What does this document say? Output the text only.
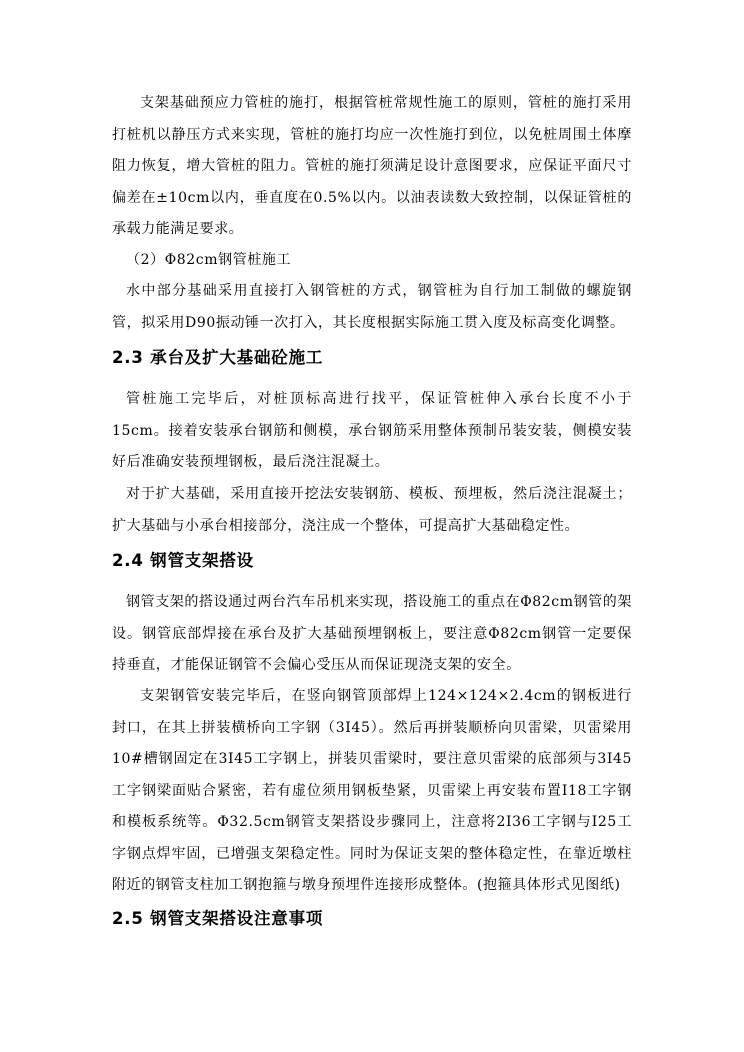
支架基础预应力管桩的施打，根据管桩常规性施工的原则，管桩的施打采用打桩机以静压方式来实现，管桩的施打均应一次性施打到位，以免桩周围土体摩阻力恢复，增大管桩的阻力。管桩的施打须满足设计意图要求，应保证平面尺寸偏差在±10cm以内，垂直度在0.5%以内。以油表读数大致控制，以保证管桩的承载力能满足要求。

（2）Φ82cm钢管桩施工

水中部分基础采用直接打入钢管桩的方式，钢管桩为自行加工制做的螺旋钢管，拟采用D90振动锤一次打入，其长度根据实际施工贯入度及标高变化调整。

2.3 承台及扩大基础砼施工

管桩施工完毕后，对桩顶标高进行找平，保证管桩伸入承台长度不小于15cm。接着安装承台钢筋和侧模，承台钢筋采用整体预制吊装安装，侧模安装好后准确安装预埋钢板，最后浇注混凝土。

对于扩大基础，采用直接开挖法安装钢筋、模板、预埋板，然后浇注混凝土；扩大基础与小承台相接部分，浇注成一个整体，可提高扩大基础稳定性。

2.4 钢管支架搭设

钢管支架的搭设通过两台汽车吊机来实现，搭设施工的重点在Φ82cm钢管的架设。钢管底部焊接在承台及扩大基础预埋钢板上，要注意Φ82cm钢管一定要保持垂直，才能保证钢管不会偏心受压从而保证现浇支架的安全。

支架钢管安装完毕后，在竖向钢管顶部焊上124×124×2.4cm的钢板进行封口，在其上拼装横桥向工字钢（3I45）。然后再拼装顺桥向贝雷梁，贝雷梁用10#槽钢固定在3I45工字钢上，拼装贝雷梁时，要注意贝雷梁的底部须与3I45工字钢梁面贴合紧密，若有虚位须用钢板垫紧，贝雷梁上再安装布置I18工字钢和模板系统等。Φ32.5cm钢管支架搭设步骤同上，注意将2I36工字钢与I25工字钢点焊牢固，已增强支架稳定性。同时为保证支架的整体稳定性，在靠近墩柱附近的钢管支柱加工钢抱箍与墩身预埋件连接形成整体。(抱箍具体形式见图纸)

2.5 钢管支架搭设注意事项
